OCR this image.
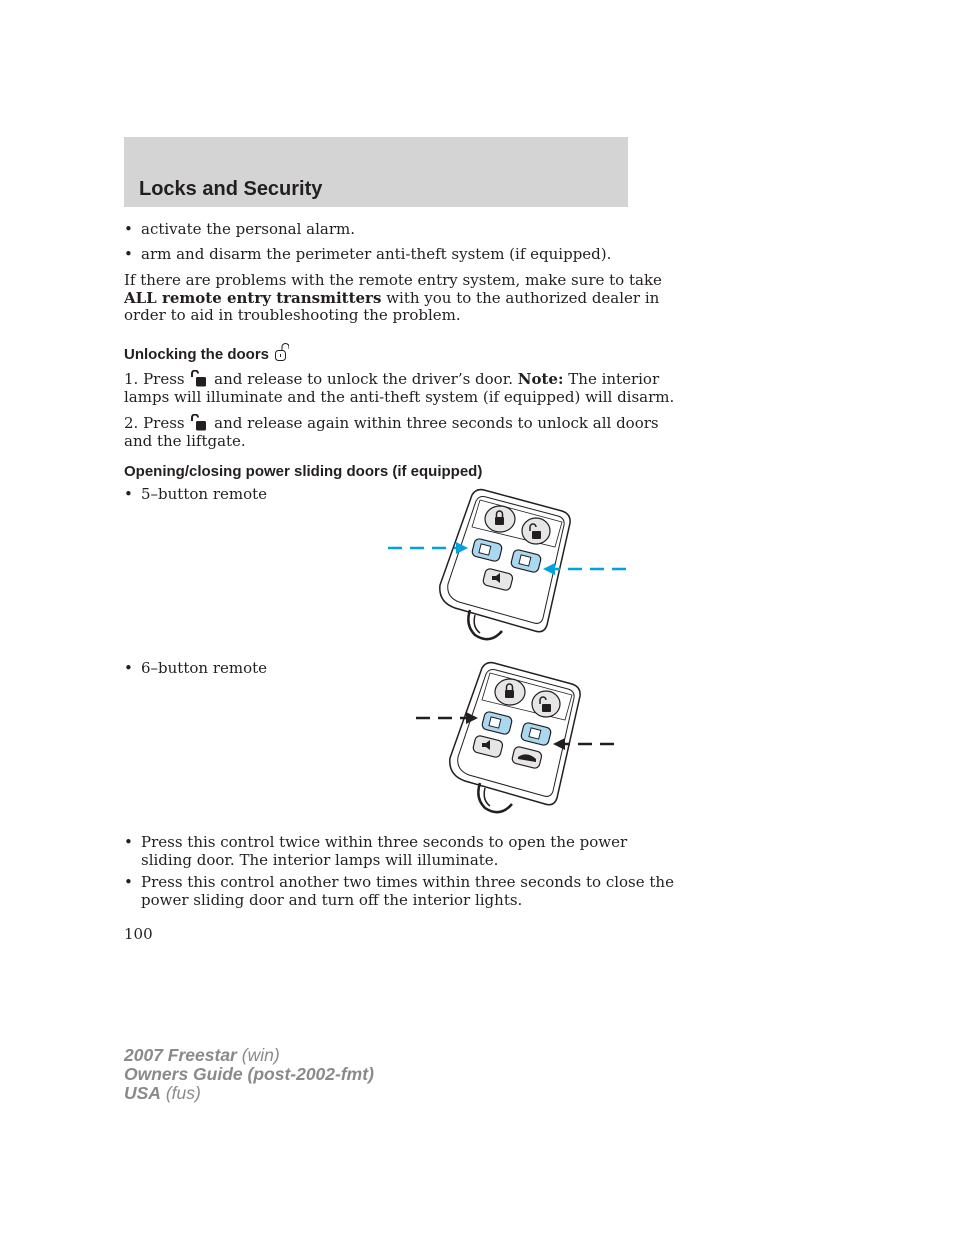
Locks and Security
• activate the personal alarm.
• arm and disarm the perimeter anti-theft system (if equipped).
If there are problems with the remote entry system, make sure to take
ALL remote entry transmitters with you to the authorized dealer in
order to aid in troubleshooting the problem.
Unlocking the doors
1. Press  and release to unlock the driver’s door. Note: The interior
lamps will illuminate and the anti-theft system (if equipped) will disarm.
2. Press  and release again within three seconds to unlock all doors
and the liftgate.
Opening/closing power sliding doors (if equipped)
• 5–button remote
• 6–button remote
• Press this control twice within three seconds to open the power
sliding door. The interior lamps will illuminate.
• Press this control another two times within three seconds to close the
power sliding door and turn off the interior lights.
100
2007 Freestar (win)
Owners Guide (post-2002-fmt)
USA (fus)
